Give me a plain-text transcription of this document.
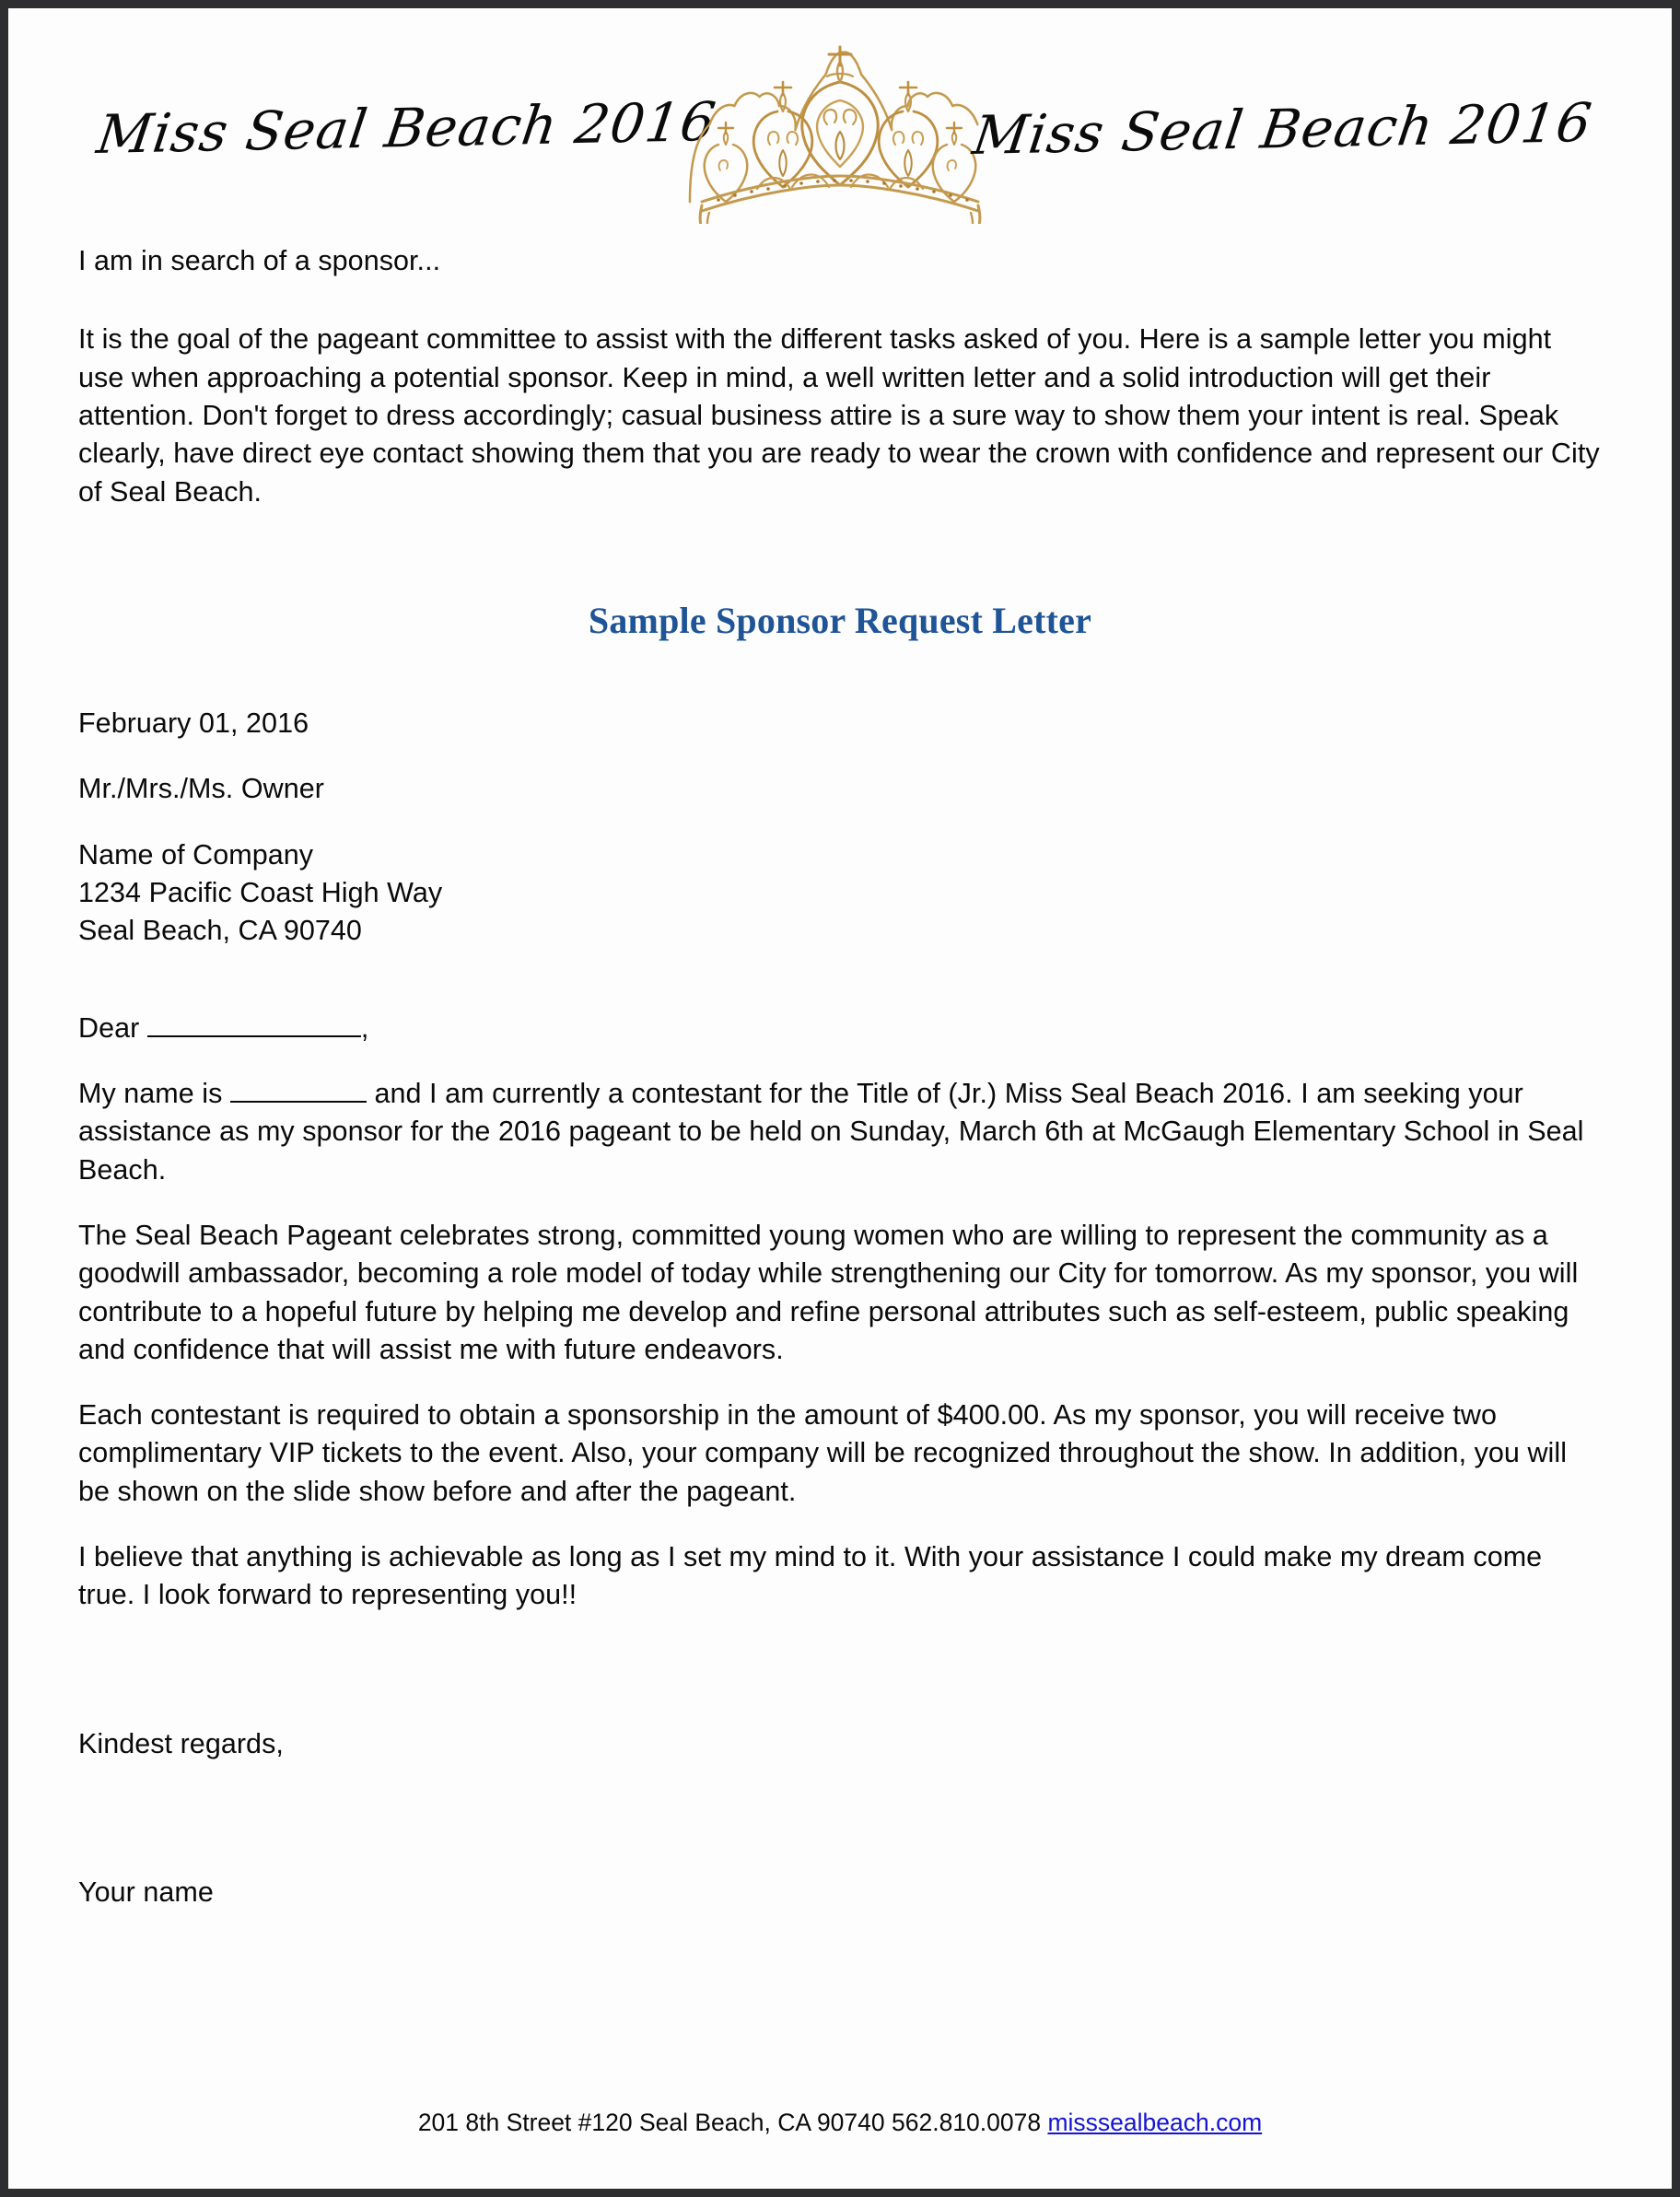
Miss Seal Beach 2016	Miss Seal Beach 2016

I am in search of a sponsor...

It is the goal of the pageant committee to assist with the different tasks asked of you. Here is a sample letter you might use when approaching a potential sponsor. Keep in mind, a well written letter and a solid introduction will get their attention. Don't forget to dress accordingly; casual business attire is a sure way to show them your intent is real. Speak clearly, have direct eye contact showing them that you are ready to wear the crown with confidence and represent our City of Seal Beach.

Sample Sponsor Request Letter

February 01, 2016

Mr./Mrs./Ms. Owner

Name of Company

1234 Pacific Coast High Way

Seal Beach, CA 90740

Dear	,

My name is	and I am currently a contestant for the Title of (Jr.) Miss Seal Beach 2016. I am seeking your assistance as my sponsor for the 2016 pageant to be held on Sunday, March 6th at McGaugh Elementary School in Seal Beach.

The Seal Beach Pageant celebrates strong, committed young women who are willing to represent the community as a goodwill ambassador, becoming a role model of today while strengthening our City for tomorrow. As my sponsor, you will contribute to a hopeful future by helping me develop and refine personal attributes such as self-esteem, public speaking and confidence that will assist me with future endeavors.

Each contestant is required to obtain a sponsorship in the amount of $400.00. As my sponsor, you will receive two complimentary VIP tickets to the event. Also, your company will be recognized throughout the show. In addition, you will be shown on the slide show before and after the pageant.

I believe that anything is achievable as long as I set my mind to it. With your assistance I could make my dream come true. I look forward to representing you!!

Kindest regards,

Your name

201 8th Street #120 Seal Beach, CA 90740 562.810.0078 misssealbeach.com
